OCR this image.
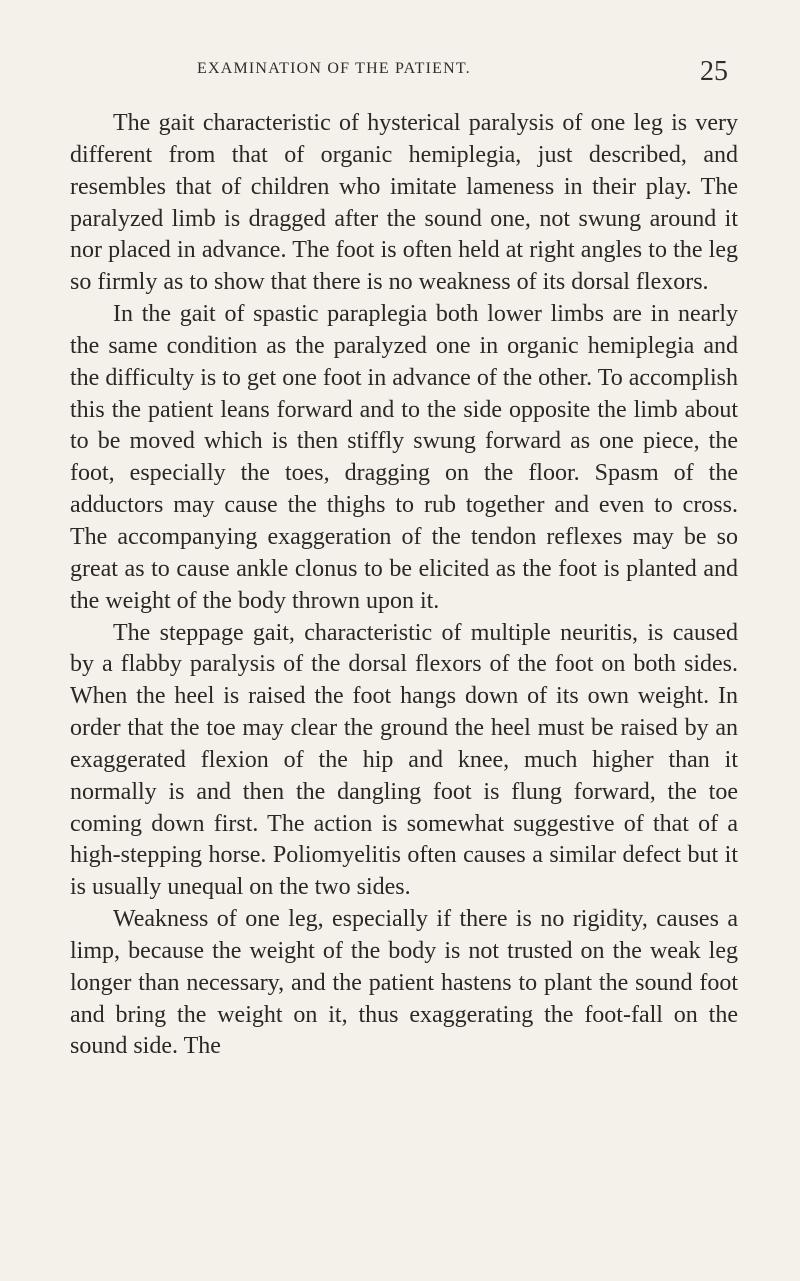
EXAMINATION OF THE PATIENT.	25

The gait characteristic of hysterical paralysis of one leg is very different from that of organic hemiplegia, just described, and resembles that of children who imitate lameness in their play. The paralyzed limb is dragged after the sound one, not swung around it nor placed in advance. The foot is often held at right angles to the leg so firmly as to show that there is no weakness of its dorsal flexors.

In the gait of spastic paraplegia both lower limbs are in nearly the same condition as the paralyzed one in organic hemiplegia and the difficulty is to get one foot in advance of the other. To accomplish this the patient leans forward and to the side opposite the limb about to be moved which is then stiffly swung forward as one piece, the foot, especially the toes, dragging on the floor. Spasm of the adductors may cause the thighs to rub together and even to cross. The accompanying exaggeration of the tendon reflexes may be so great as to cause ankle clonus to be elicited as the foot is planted and the weight of the body thrown upon it.

The steppage gait, characteristic of multiple neuritis, is caused by a flabby paralysis of the dorsal flexors of the foot on both sides. When the heel is raised the foot hangs down of its own weight. In order that the toe may clear the ground the heel must be raised by an exaggerated flexion of the hip and knee, much higher than it normally is and then the dangling foot is flung forward, the toe coming down first. The action is somewhat suggestive of that of a high-stepping horse. Poliomyelitis often causes a similar defect but it is usually unequal on the two sides.

Weakness of one leg, especially if there is no rigidity, causes a limp, because the weight of the body is not trusted on the weak leg longer than necessary, and the patient hastens to plant the sound foot and bring the weight on it, thus exaggerating the foot-fall on the sound side. The
